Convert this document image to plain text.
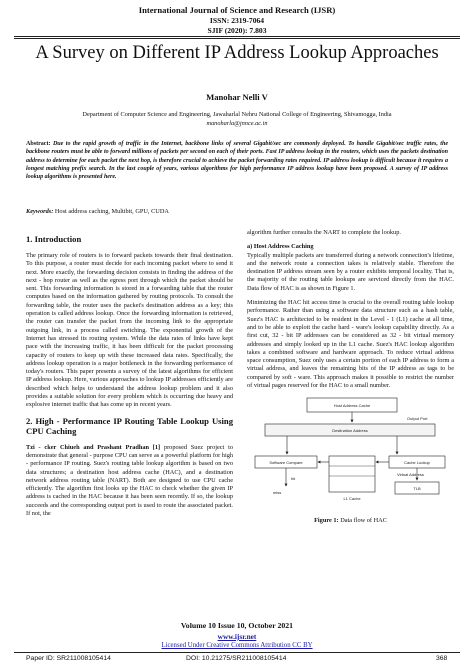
International Journal of Science and Research (IJSR)
ISSN: 2319-7064
SJIF (2020): 7.803
A Survey on Different IP Address Lookup Approaches
Manohar Nelli V
Department of Computer Science and Engineering, Jawaharlal Nehru National College of Engineering, Shivamogga, India
manoharla@jnnce.ac.in
Abstract: Due to the rapid growth of traffic in the Internet, backbone links of several Gigabit/sec are commonly deployed. To handle Gigabit/sec traffic rates, the backbone routers must be able to forward millions of packets per second on each of their ports. Fast IP address lookup in the routers, which uses the packets destination address to determine for each packet the next hop, is therefore crucial to achieve the packet forwarding rates required. IP address lookup is difficult because it requires a longest matching prefix search. In the last couple of years, various algorithms for high performance IP address lookup have been proposed. A survey of IP address lookup algorithms is presented here.
Keywords: Host address caching, Multibit, GPU, CUDA
1. Introduction
The primary role of routers is to forward packets towards their final destination. To this purpose, a router must decide for each incoming packet where to send it next. More exactly, the forwarding decision consists in finding the address of the next - hop router as well as the egress port through which the packet should be sent. This forwarding information is stored in a forwarding table that the router computes based on the information gathered by routing protocols. To consult the forwarding table, the router uses the packet's destination address as a key; this operation is called address lookup. Once the forwarding information is retrieved, the router can transfer the packet from the incoming link to the appropriate outgoing link, in a process called switching. The exponential growth of the Internet has stressed its routing system. While the data rates of links have kept pace with the increasing traffic, it has been difficult for the packet processing capacity of routers to keep up with these increased data rates. Specifically, the address lookup operation is a major bottleneck in the forwarding performance of today's routers. This paper presents a survey of the latest algorithms for efficient IP address lookup. Here, various approaches to lookup IP addresses efficiently are described which helps to understand the address lookup problem and it also provides a suitable solution for every problem which is occurring due heavy and explosive internet traffic that has come up in recent years.
2. High - Performance IP Routing Table Lookup Using CPU Caching
Tzi - cker Chiueh and Prashant Pradhan [1] proposed Suez project to demonstrate that general - purpose CPU can serve as a powerful platform for high - performance IP routing. Suez's routing table lookup algorithm is based on two data structures; a destination host address cache (HAC), and a destination network address routing table (NART). Both are designed to use CPU cache efficiently. The algorithm first looks up the HAC to check whether the given IP address is cached in the HAC because it has been seen recently. If so, the lookup succeeds and the corresponding output port is used to route the associated packet. If not, the
algorithm further consults the NART to complete the lookup.
a) Host Address Caching
Typically multiple packets are transferred during a network connection's lifetime, and the network route a connection takes is relatively stable. Therefore the destination IP address stream seen by a router exhibits temporal locality. That is, the majority of the routing table lookups are serviced directly from the HAC. Data flow of HAC is as shown in Figure 1.
Minimizing the HAC hit access time is crucial to the overall routing table lookup performance. Rather than using a software data structure such as a hash table, Suez's HAC is architected to be resident in the Level - 1 (L1) cache at all time, and to be able to exploit the cache hard - ware's lookup capability directly. As a first cut, 32 - bit IP addresses can be considered as 32 - bit virtual memory addresses and simply looked up in the L1 cache. Suez's HAC lookup algorithm takes a combined software and hardware approach. To reduce virtual address space consumption, Suez only uses a certain portion of each IP address to form a virtual address, and leaves the remaining bits of the IP address as tags to be compared by soft - ware. This approach makes it possible to restrict the number of virtual pages reserved for the HAC to a small number.
Host Address Cache
Output Port
Destination Address
Software Compare
L1 Cache
Cache Lookup
Virtual Address
TLB
miss
hit
Figure 1: Data flow of HAC
Volume 10 Issue 10, October 2021
www.ijsr.net
Licensed Under Creative Commons Attribution CC BY
Paper ID: SR211008105414	DOI: 10.21275/SR211008105414	368
